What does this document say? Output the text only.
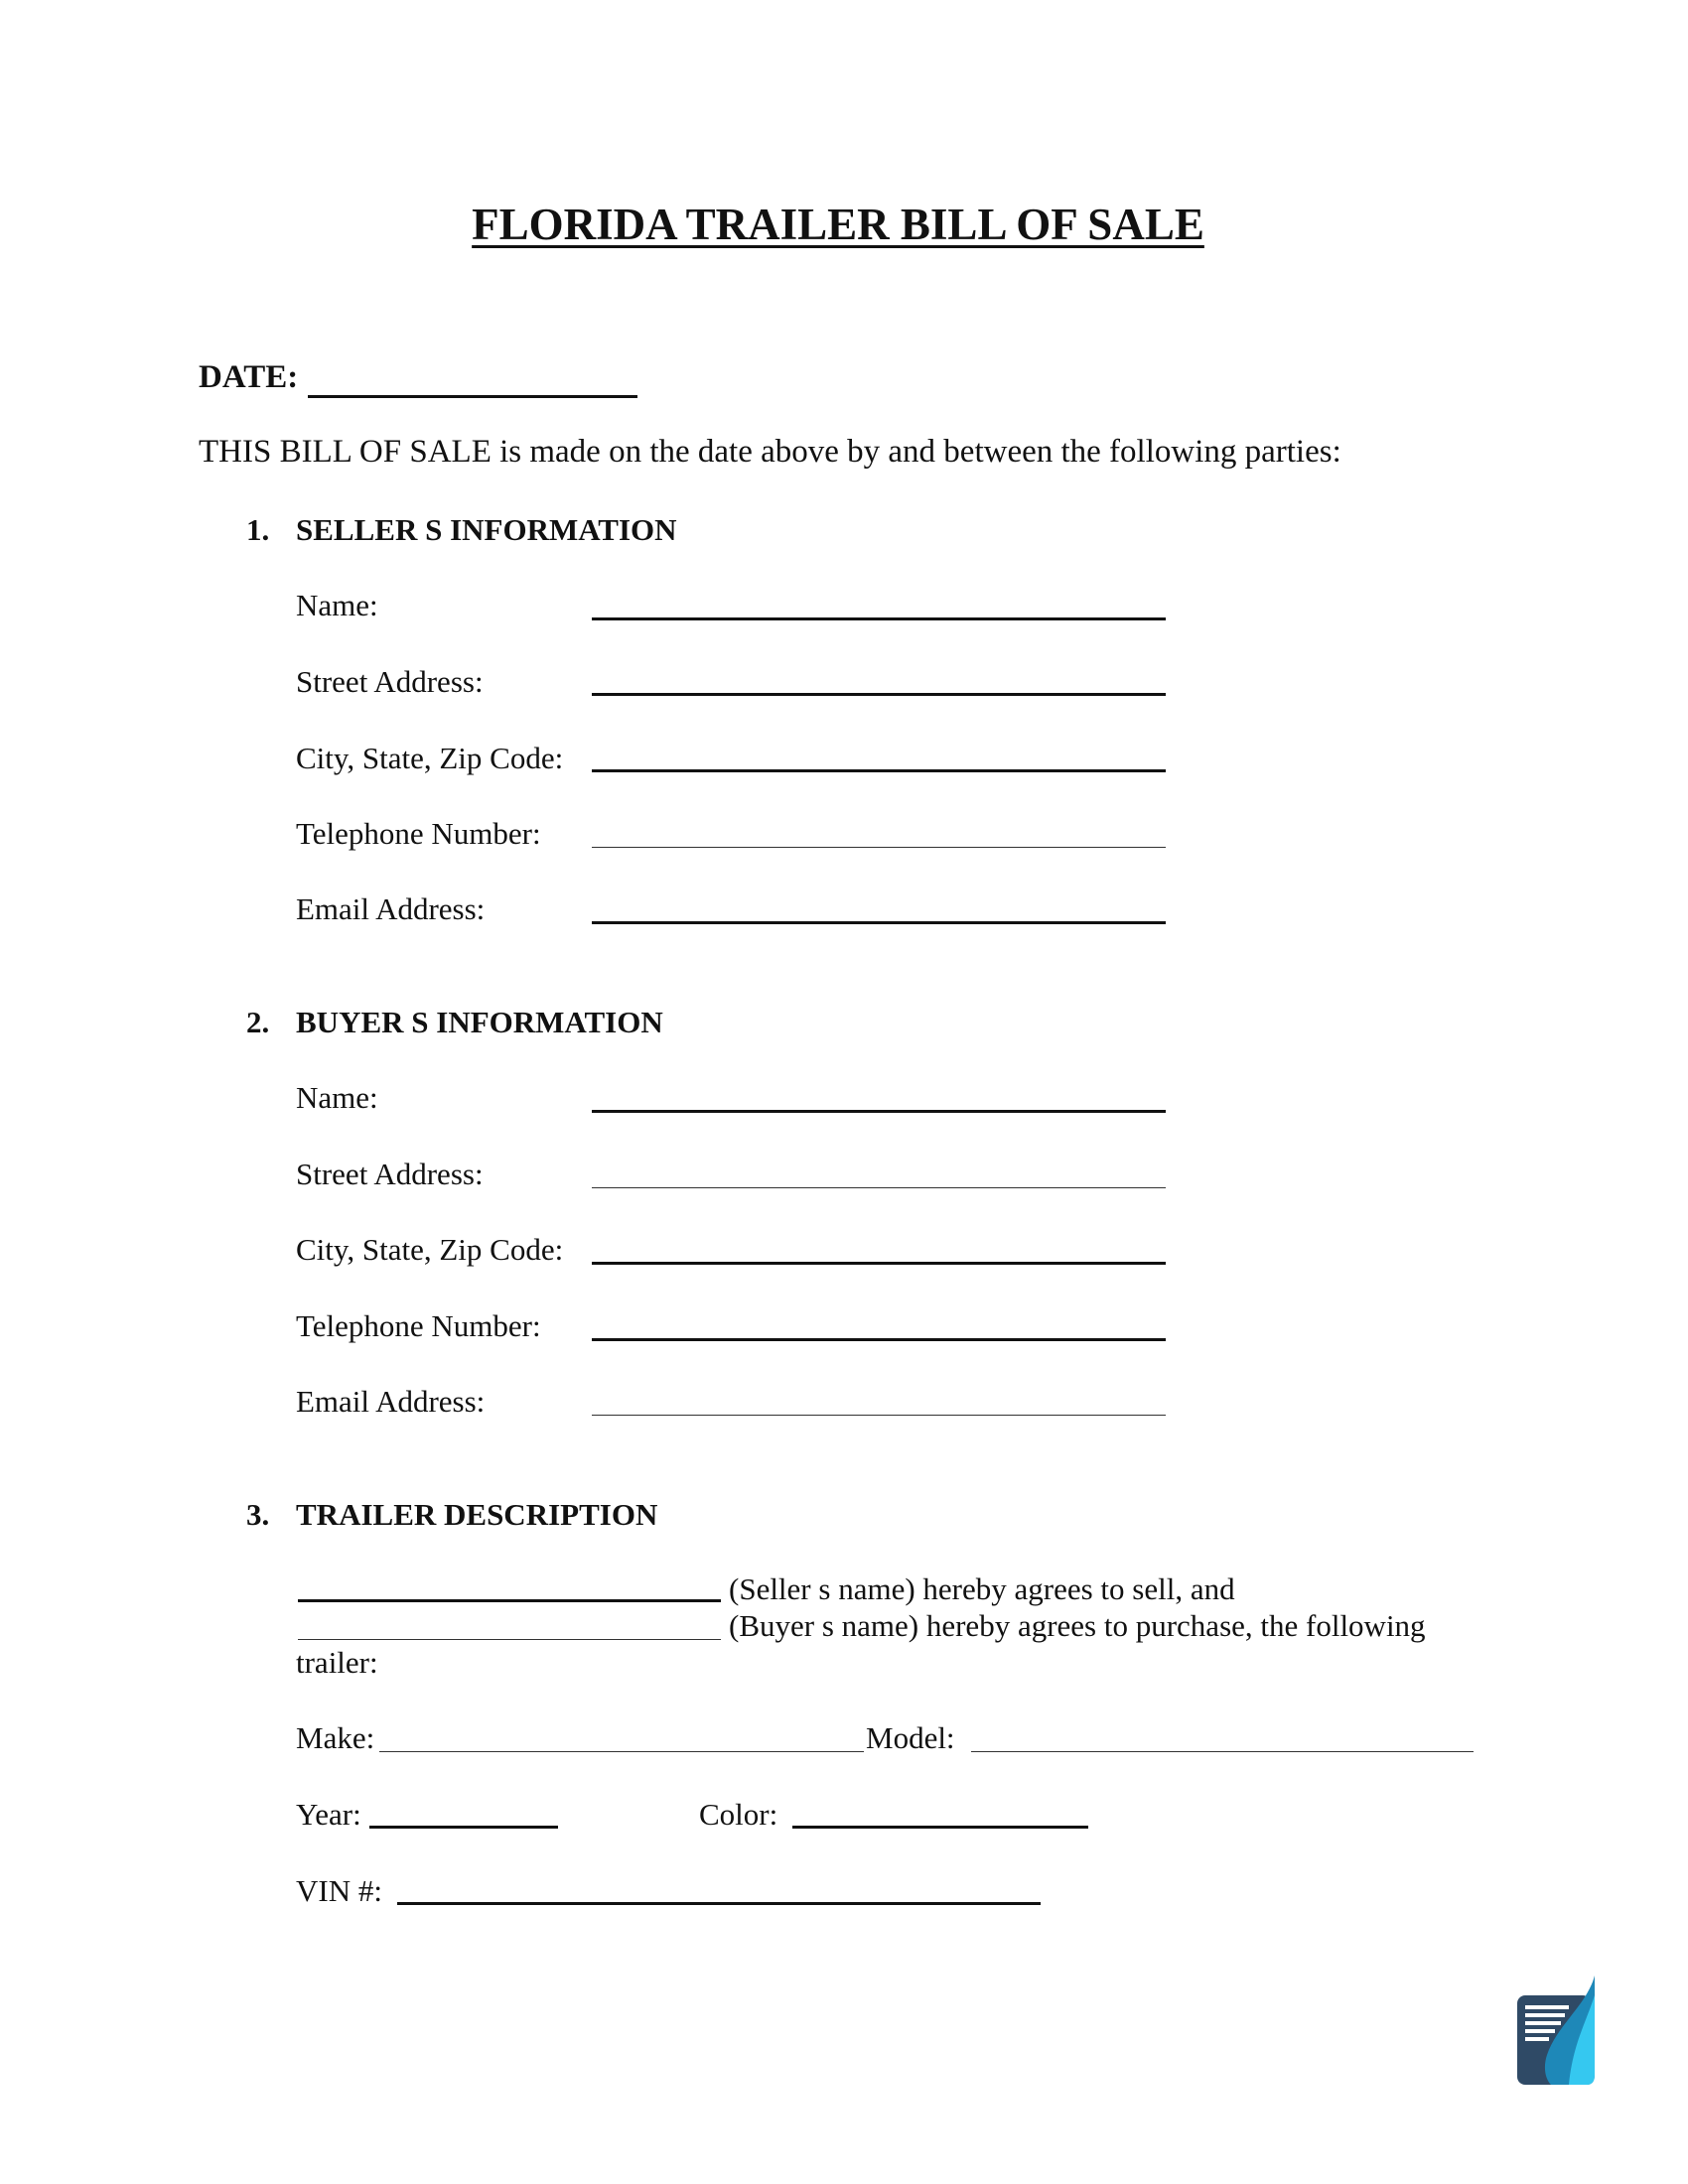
FLORIDA TRAILER BILL OF SALE
DATE:
THIS BILL OF SALE is made on the date above by and between the following parties:
1. SELLER S INFORMATION
Name:
Street Address:
City, State, Zip Code:
Telephone Number:
Email Address:
2. BUYER S INFORMATION
Name:
Street Address:
City, State, Zip Code:
Telephone Number:
Email Address:
3. TRAILER DESCRIPTION
(Seller s name) hereby agrees to sell, and
(Buyer s name) hereby agrees to purchase, the following
trailer:
Make:	Model:
Year:	Color:
VIN #:
